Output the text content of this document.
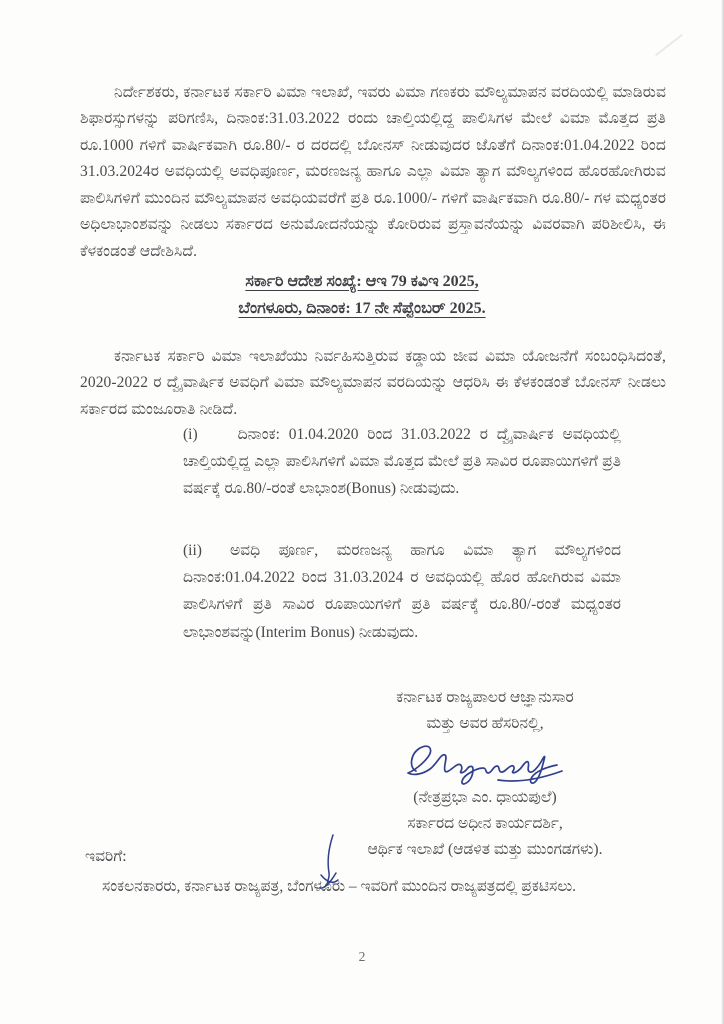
ನಿರ್ದೇಶಕರು, ಕರ್ನಾಟಕ ಸರ್ಕಾರಿ ವಿಮಾ ಇಲಾಖೆ, ಇವರು ವಿಮಾ ಗಣಕರು ಮೌಲ್ಯಮಾಪನ ವರದಿಯಲ್ಲಿ ಮಾಡಿರುವ ಶಿಫಾರಸ್ಸುಗಳನ್ನು ಪರಿಗಣಿಸಿ, ದಿನಾಂಕ:31.03.2022 ರಂದು ಚಾಲ್ತಿಯಲ್ಲಿದ್ದ ಪಾಲಿಸಿಗಳ ಮೇಲೆ ವಿಮಾ ಮೊತ್ತದ ಪ್ರತಿ ರೂ.1000 ಗಳಿಗೆ ವಾರ್ಷಿಕವಾಗಿ ರೂ.80/- ರ ದರದಲ್ಲಿ ಬೋನಸ್ ನೀಡುವುದರ ಜೊತೆಗೆ ದಿನಾಂಕ:01.04.2022 ರಿಂದ 31.03.2024ರ ಅವಧಿಯಲ್ಲಿ ಅವಧಿಪೂರ್ಣ, ಮರಣಜನ್ಯ ಹಾಗೂ ಎಲ್ಲಾ ವಿಮಾ ತ್ಯಾಗ ಮೌಲ್ಯಗಳಿಂದ ಹೊರಹೋಗಿರುವ ಪಾಲಿಸಿಗಳಿಗೆ ಮುಂದಿನ ಮೌಲ್ಯಮಾಪನ ಅವಧಿಯವರೆಗೆ ಪ್ರತಿ ರೂ.1000/- ಗಳಿಗೆ ವಾರ್ಷಿಕವಾಗಿ ರೂ.80/- ಗಳ ಮಧ್ಯಂತರ ಅಧಿಲಾಭಾಂಶವನ್ನು ನೀಡಲು ಸರ್ಕಾರದ ಅನುಮೋದನೆಯನ್ನು ಕೋರಿರುವ ಪ್ರಸ್ತಾವನೆಯನ್ನು ವಿವರವಾಗಿ ಪರಿಶೀಲಿಸಿ, ಈ ಕೆಳಕಂಡಂತೆ ಆದೇಶಿಸಿದೆ.

ಸರ್ಕಾರಿ ಆದೇಶ ಸಂಖ್ಯೆ: ಆಇ 79 ಕವಿಇ 2025,
ಬೆಂಗಳೂರು, ದಿನಾಂಕ: 17 ನೇ ಸೆಪ್ಟೆಂಬರ್ 2025.

ಕರ್ನಾಟಕ ಸರ್ಕಾರಿ ವಿಮಾ ಇಲಾಖೆಯು ನಿರ್ವಹಿಸುತ್ತಿರುವ ಕಡ್ಡಾಯ ಜೀವ ವಿಮಾ ಯೋಜನೆಗೆ ಸಂಬಂಧಿಸಿದಂತೆ, 2020-2022 ರ ದ್ವೈವಾರ್ಷಿಕ ಅವಧಿಗೆ ವಿಮಾ ಮೌಲ್ಯಮಾಪನ ವರದಿಯನ್ನು ಆಧರಿಸಿ ಈ ಕೆಳಕಂಡಂತೆ ಬೋನಸ್ ನೀಡಲು ಸರ್ಕಾರದ ಮಂಜೂರಾತಿ ನೀಡಿದೆ.

(i)	ದಿನಾಂಕ: 01.04.2020 ರಿಂದ 31.03.2022 ರ ದ್ವೈವಾರ್ಷಿಕ ಅವಧಿಯಲ್ಲಿ ಚಾಲ್ತಿಯಲ್ಲಿದ್ದ ಎಲ್ಲಾ ಪಾಲಿಸಿಗಳಿಗೆ ವಿಮಾ ಮೊತ್ತದ ಮೇಲೆ ಪ್ರತಿ ಸಾವಿರ ರೂಪಾಯಿಗಳಿಗೆ ಪ್ರತಿ ವರ್ಷಕ್ಕೆ ರೂ.80/-ರಂತೆ ಲಾಭಾಂಶ(Bonus) ನೀಡುವುದು.
(ii) ಅವಧಿ ಪೂರ್ಣ, ಮರಣಜನ್ಯ ಹಾಗೂ ವಿಮಾ ತ್ಯಾಗ ಮೌಲ್ಯಗಳಿಂದ ದಿನಾಂಕ:01.04.2022 ರಿಂದ 31.03.2024 ರ ಅವಧಿಯಲ್ಲಿ ಹೊರ ಹೋಗಿರುವ ವಿಮಾ ಪಾಲಿಸಿಗಳಿಗೆ ಪ್ರತಿ ಸಾವಿರ ರೂಪಾಯಿಗಳಿಗೆ ಪ್ರತಿ ವರ್ಷಕ್ಕೆ ರೂ.80/-ರಂತೆ ಮಧ್ಯಂತರ ಲಾಭಾಂಶವನ್ನು(Interim Bonus) ನೀಡುವುದು.
ಕರ್ನಾಟಕ ರಾಜ್ಯಪಾಲರ ಆಜ್ಞಾನುಸಾರ
ಮತ್ತು ಅವರ ಹೆಸರಿನಲ್ಲಿ,
(ನೇತ್ರಪ್ರಭಾ ಎಂ. ಧಾಯಪುಲೆ)
ಸರ್ಕಾರದ ಅಧೀನ ಕಾರ್ಯದರ್ಶಿ,
ಆರ್ಥಿಕ ಇಲಾಖೆ (ಆಡಳಿತ ಮತ್ತು ಮುಂಗಡಗಳು).
ಇವರಿಗೆ:
ಸಂಕಲನಕಾರರು, ಕರ್ನಾಟಕ ರಾಜ್ಯಪತ್ರ, ಬೆಂಗಳೂರು – ಇವರಿಗೆ ಮುಂದಿನ ರಾಜ್ಯಪತ್ರದಲ್ಲಿ ಪ್ರಕಟಿಸಲು.
2
